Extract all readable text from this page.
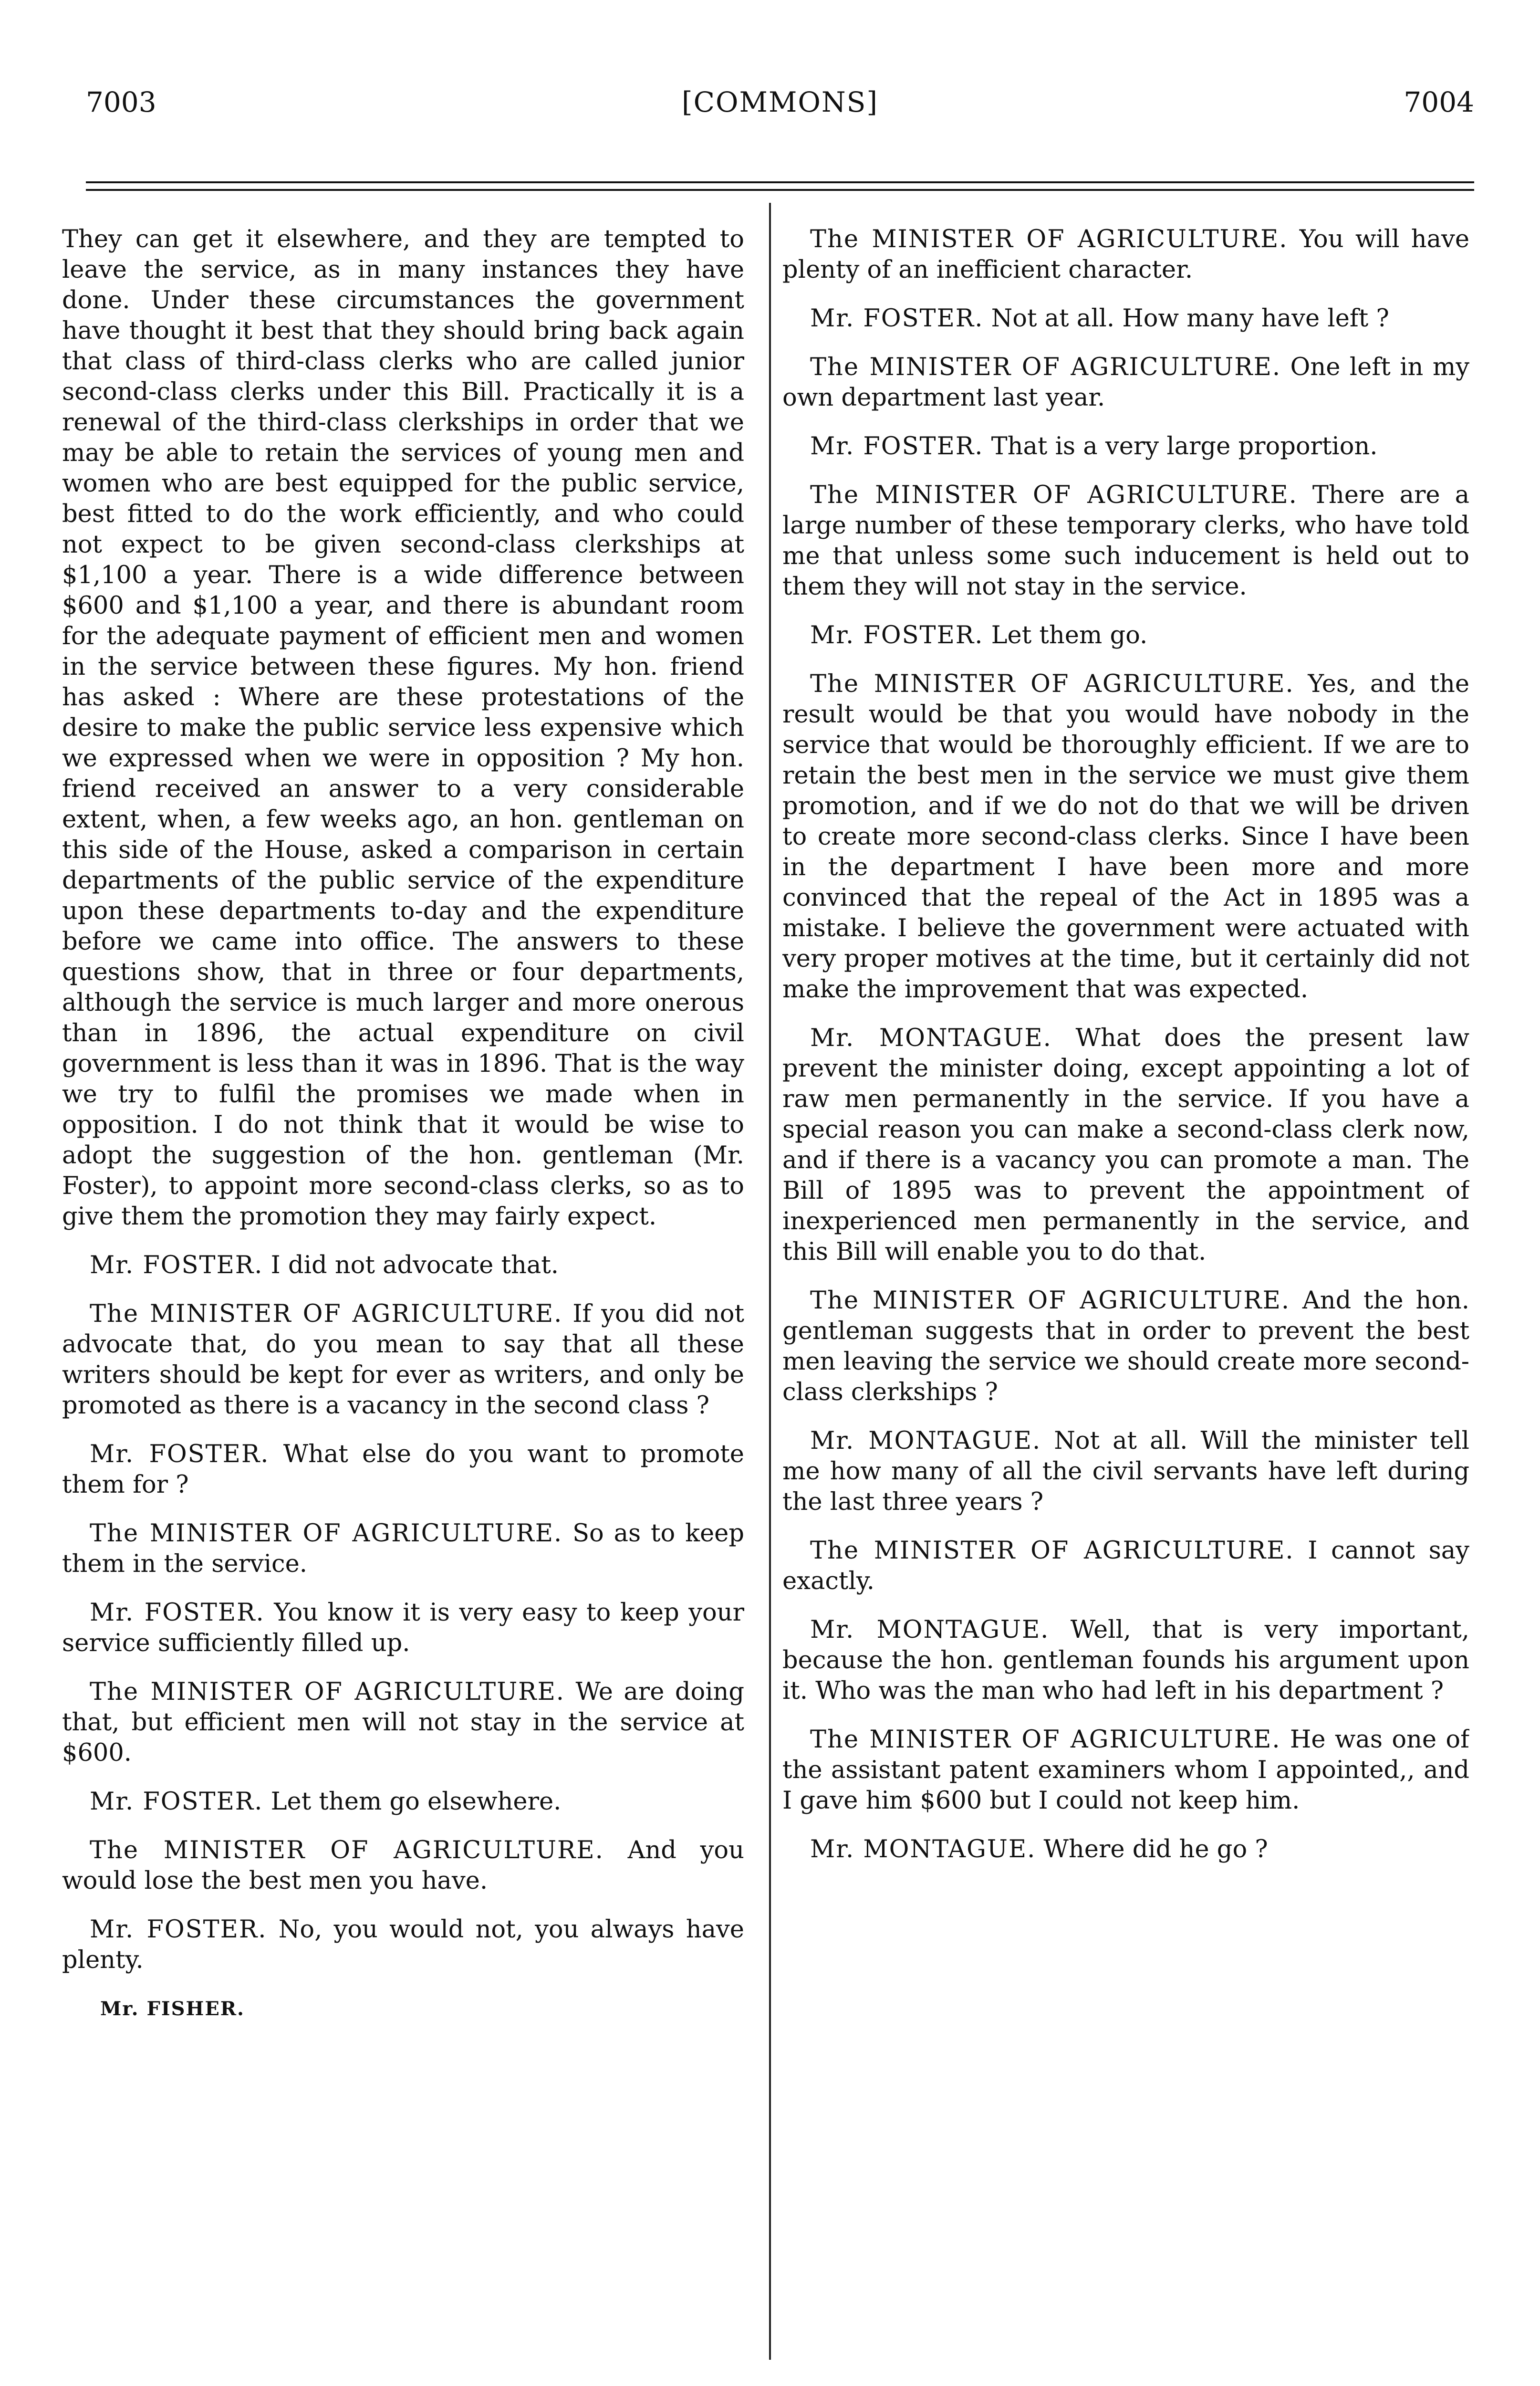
7003	[COMMONS]	7004

They can get it elsewhere, and they are tempted to leave the service, as in many instances they have done. Under these circumstances the government have thought it best that they should bring back again that class of third-class clerks who are called junior second-class clerks under this Bill. Practically it is a renewal of the third-class clerkships in order that we may be able to retain the services of young men and women who are best equipped for the public service, best fitted to do the work efficiently, and who could not expect to be given second-class clerkships at $1,100 a year. There is a wide difference between $600 and $1,100 a year, and there is abundant room for the adequate payment of efficient men and women in the service between these figures. My hon. friend has asked : Where are these protestations of the desire to make the public service less expensive which we expressed when we were in opposition ? My hon. friend received an answer to a very considerable extent, when, a few weeks ago, an hon. gentleman on this side of the House, asked a comparison in certain departments of the public service of the expenditure upon these departments to-day and the expenditure before we came into office. The answers to these questions show, that in three or four departments, although the service is much larger and more onerous than in 1896, the actual expenditure on civil government is less than it was in 1896. That is the way we try to fulfil the promises we made when in opposition. I do not think that it would be wise to adopt the suggestion of the hon. gentleman (Mr. Foster), to appoint more second-class clerks, so as to give them the promotion they may fairly expect.

Mr. FOSTER. I did not advocate that.

The MINISTER OF AGRICULTURE. If you did not advocate that, do you mean to say that all these writers should be kept for ever as writers, and only be promoted as there is a vacancy in the second class ?

Mr. FOSTER. What else do you want to promote them for ?

The MINISTER OF AGRICULTURE. So as to keep them in the service.

Mr. FOSTER. You know it is very easy to keep your service sufficiently filled up.

The MINISTER OF AGRICULTURE. We are doing that, but efficient men will not stay in the service at $600.

Mr. FOSTER. Let them go elsewhere.

The MINISTER OF AGRICULTURE. And you would lose the best men you have.

Mr. FOSTER. No, you would not, you always have plenty.

Mr. FISHER.

The MINISTER OF AGRICULTURE. You will have plenty of an inefficient character.

Mr. FOSTER. Not at all. How many have left ?

The MINISTER OF AGRICULTURE. One left in my own department last year.

Mr. FOSTER. That is a very large proportion.

The MINISTER OF AGRICULTURE. There are a large number of these temporary clerks, who have told me that unless some such inducement is held out to them they will not stay in the service.

Mr. FOSTER. Let them go.

The MINISTER OF AGRICULTURE. Yes, and the result would be that you would have nobody in the service that would be thoroughly efficient. If we are to retain the best men in the service we must give them promotion, and if we do not do that we will be driven to create more second-class clerks. Since I have been in the department I have been more and more convinced that the repeal of the Act in 1895 was a mistake. I believe the government were actuated with very proper motives at the time, but it certainly did not make the improvement that was expected.

Mr. MONTAGUE. What does the present law prevent the minister doing, except appointing a lot of raw men permanently in the service. If you have a special reason you can make a second-class clerk now, and if there is a vacancy you can promote a man. The Bill of 1895 was to prevent the appointment of inexperienced men permanently in the service, and this Bill will enable you to do that.

The MINISTER OF AGRICULTURE. And the hon. gentleman suggests that in order to prevent the best men leaving the service we should create more second-class clerkships ?

Mr. MONTAGUE. Not at all. Will the minister tell me how many of all the civil servants have left during the last three years ?

The MINISTER OF AGRICULTURE. I cannot say exactly.

Mr. MONTAGUE. Well, that is very important, because the hon. gentleman founds his argument upon it. Who was the man who had left in his department ?

The MINISTER OF AGRICULTURE. He was one of the assistant patent examiners whom I appointed,, and I gave him $600 but I could not keep him.

Mr. MONTAGUE. Where did he go ?
